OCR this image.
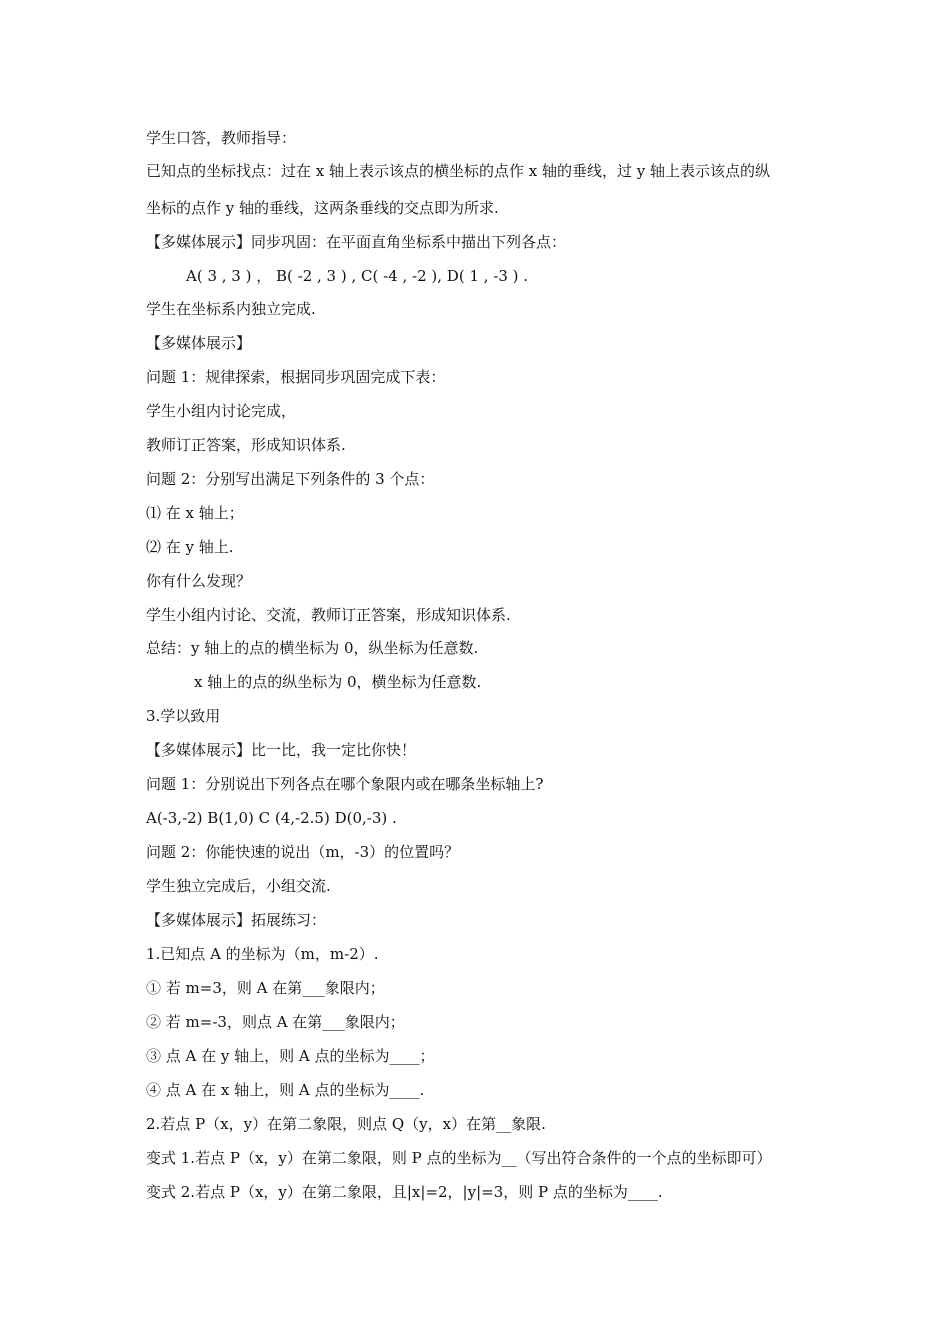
学生口答，教师指导：
已知点的坐标找点：过在 x 轴上表示该点的横坐标的点作 x 轴的垂线，过 y 轴上表示该点的纵
坐标的点作 y 轴的垂线，这两条垂线的交点即为所求.
【多媒体展示】同步巩固：在平面直角坐标系中描出下列各点：
A( 3 , 3 ) ， B( -2 , 3 ) , C( -4 , -2 ), D( 1 , -3 ) .
学生在坐标系内独立完成.
【多媒体展示】
问题 1：规律探索，根据同步巩固完成下表：
学生小组内讨论完成，
教师订正答案，形成知识体系.
问题 2：分别写出满足下列条件的 3 个点：
⑴ 在 x 轴上；
⑵ 在 y 轴上.
你有什么发现？
学生小组内讨论、交流，教师订正答案，形成知识体系.
总结：y 轴上的点的横坐标为 0，纵坐标为任意数.
x 轴上的点的纵坐标为 0，横坐标为任意数.
3.学以致用
【多媒体展示】比一比，我一定比你快！
问题 1：分别说出下列各点在哪个象限内或在哪条坐标轴上?
A(-3,-2) B(1,0) C (4,-2.5) D(0,-3) .
问题 2：你能快速的说出（m，-3）的位置吗？
学生独立完成后，小组交流.
【多媒体展示】拓展练习：
1.已知点 A 的坐标为（m，m-2）.
① 若 m=3，则 A 在第___象限内；
② 若 m=-3，则点 A 在第___象限内；
③ 点 A 在 y 轴上，则 A 点的坐标为____；
④ 点 A 在 x 轴上，则 A 点的坐标为____.
2.若点 P（x，y）在第二象限，则点 Q（y，x）在第__象限.
变式 1.若点 P（x，y）在第二象限，则 P 点的坐标为__（写出符合条件的一个点的坐标即可）
变式 2.若点 P（x，y）在第二象限，且|x|=2，|y|=3，则 P 点的坐标为____.
